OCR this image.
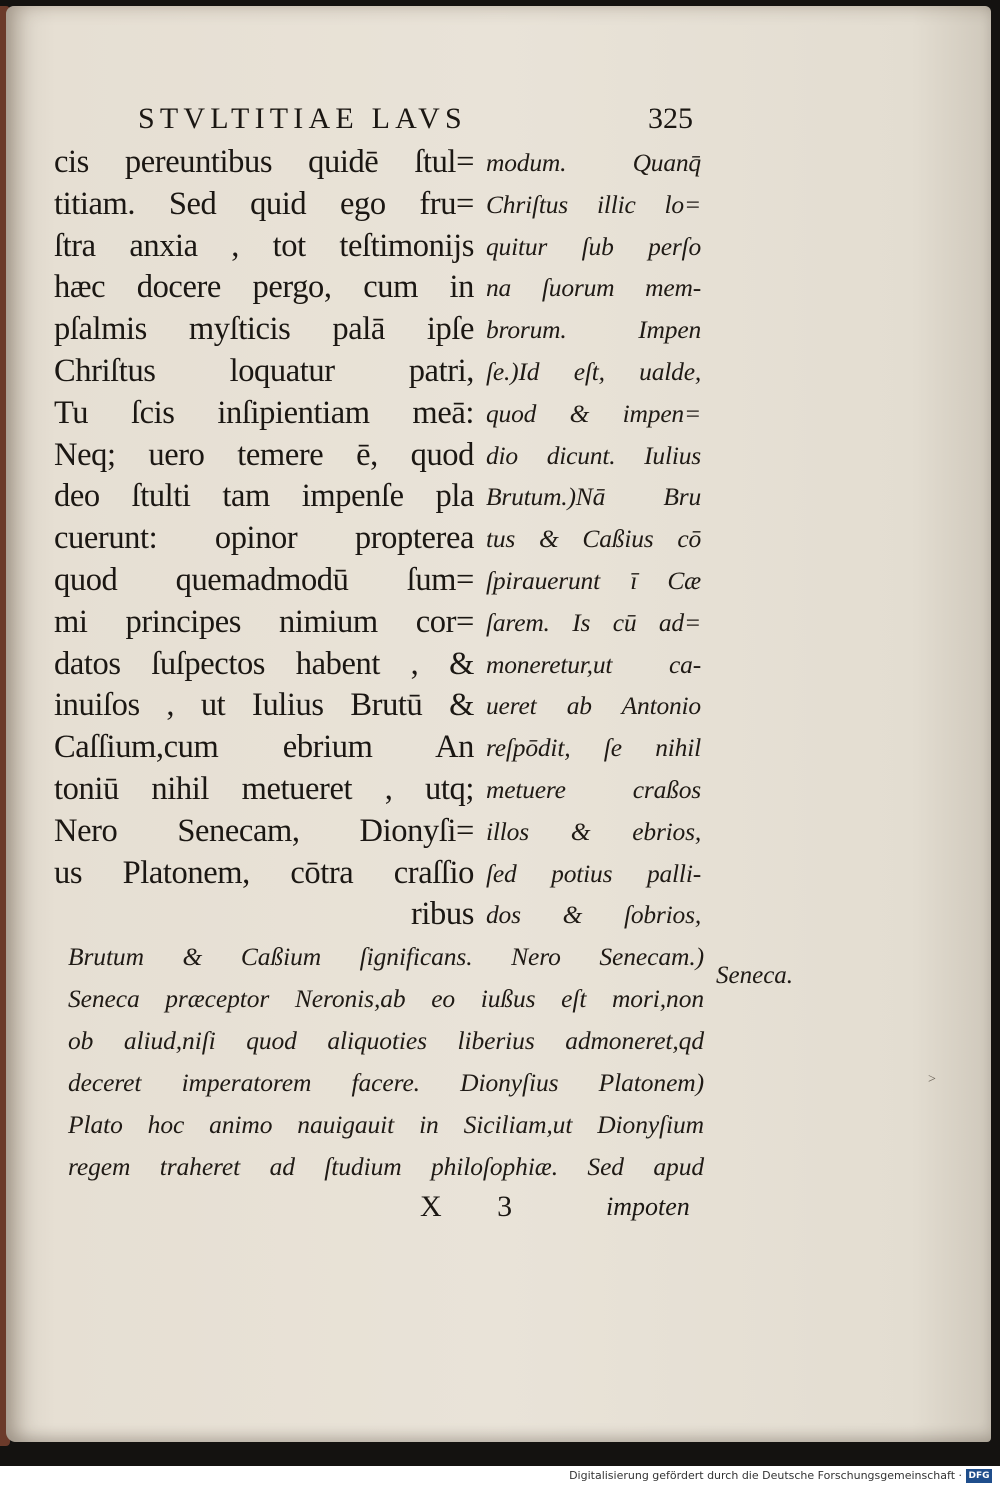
STVLTITIAE LAVS	325
cis pereuntibus quidē ſtul=
titiam. Sed quid ego fru=
ſtra anxia , tot teſtimonijs
hæc docere pergo, cum in
pſalmis myſticis palā ipſe
Chriſtus loquatur patri,
Tu ſcis inſipientiam meā:
Neq; uero temere ē, quod
deo ſtulti tam impenſe pla
cuerunt: opinor propterea
quod quemadmodū ſum=
mi principes nimium cor=
datos ſuſpectos habent , &
inuiſos , ut Iulius Brutū &
Caſſium,cum ebrium An
toniū nihil metueret , utq;
Nero Senecam, Dionyſi=
us Platonem, cōtra craſſio
ribus
modum. Quanq̄
Chriſtus illic lo=
quitur ſub perſo
na ſuorum mem-
brorum. Impen
ſe.)Id eſt, ualde,
quod & impen=
dio dicunt. Iulius
Brutum.)Nā Bru
tus & Caßius cō
ſpirauerunt ī Cæ
ſarem. Is cū ad=
moneretur,ut ca-
ueret ab Antonio
reſpōdit, ſe nihil
metuere craßos
illos & ebrios,
ſed potius palli-
dos & ſobrios,
Brutum & Caßium ſignificans. Nero Senecam.)
Seneca præceptor Neronis,ab eo iußus eſt mori,non
ob aliud,niſi quod aliquoties liberius admoneret,qd
deceret imperatorem facere. Dionyſius Platonem)
Plato hoc animo nauigauit in Siciliam,ut Dionyſium
regem traheret ad ſtudium philoſophiæ. Sed apud
Seneca.
X 3	impoten
>
Digitalisierung gefördert durch die Deutsche Forschungsgemeinschaft · DFG
